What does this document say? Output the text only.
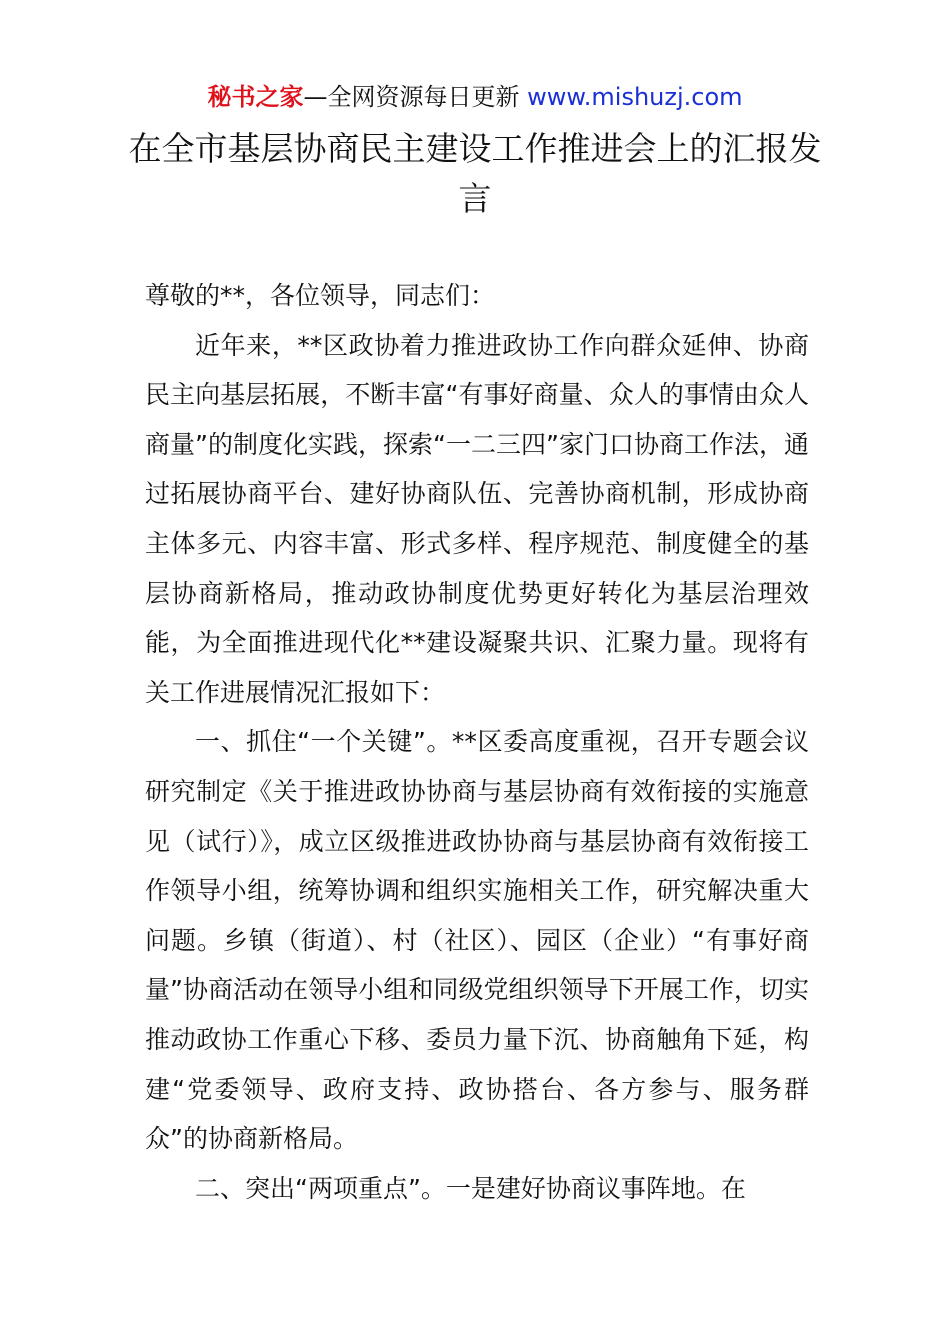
秘书之家—全网资源每日更新 www.mishuzj.com
在全市基层协商民主建设工作推进会上的汇报发言

尊敬的**，各位领导，同志们：

近年来，**区政协着力推进政协工作向群众延伸、协商民主向基层拓展，不断丰富“有事好商量、众人的事情由众人商量”的制度化实践，探索“一二三四”家门口协商工作法，通过拓展协商平台、建好协商队伍、完善协商机制，形成协商主体多元、内容丰富、形式多样、程序规范、制度健全的基层协商新格局，推动政协制度优势更好转化为基层治理效能，为全面推进现代化**建设凝聚共识、汇聚力量。现将有关工作进展情况汇报如下：

一、抓住“一个关键”。**区委高度重视，召开专题会议研究制定《关于推进政协协商与基层协商有效衔接的实施意见（试行）》，成立区级推进政协协商与基层协商有效衔接工作领导小组，统筹协调和组织实施相关工作，研究解决重大问题。乡镇（街道）、村（社区）、园区（企业）“有事好商量”协商活动在领导小组和同级党组织领导下开展工作，切实推动政协工作重心下移、委员力量下沉、协商触角下延，构建“党委领导、政府支持、政协搭台、各方参与、服务群众”的协商新格局。

二、突出“两项重点”。一是建好协商议事阵地。在
